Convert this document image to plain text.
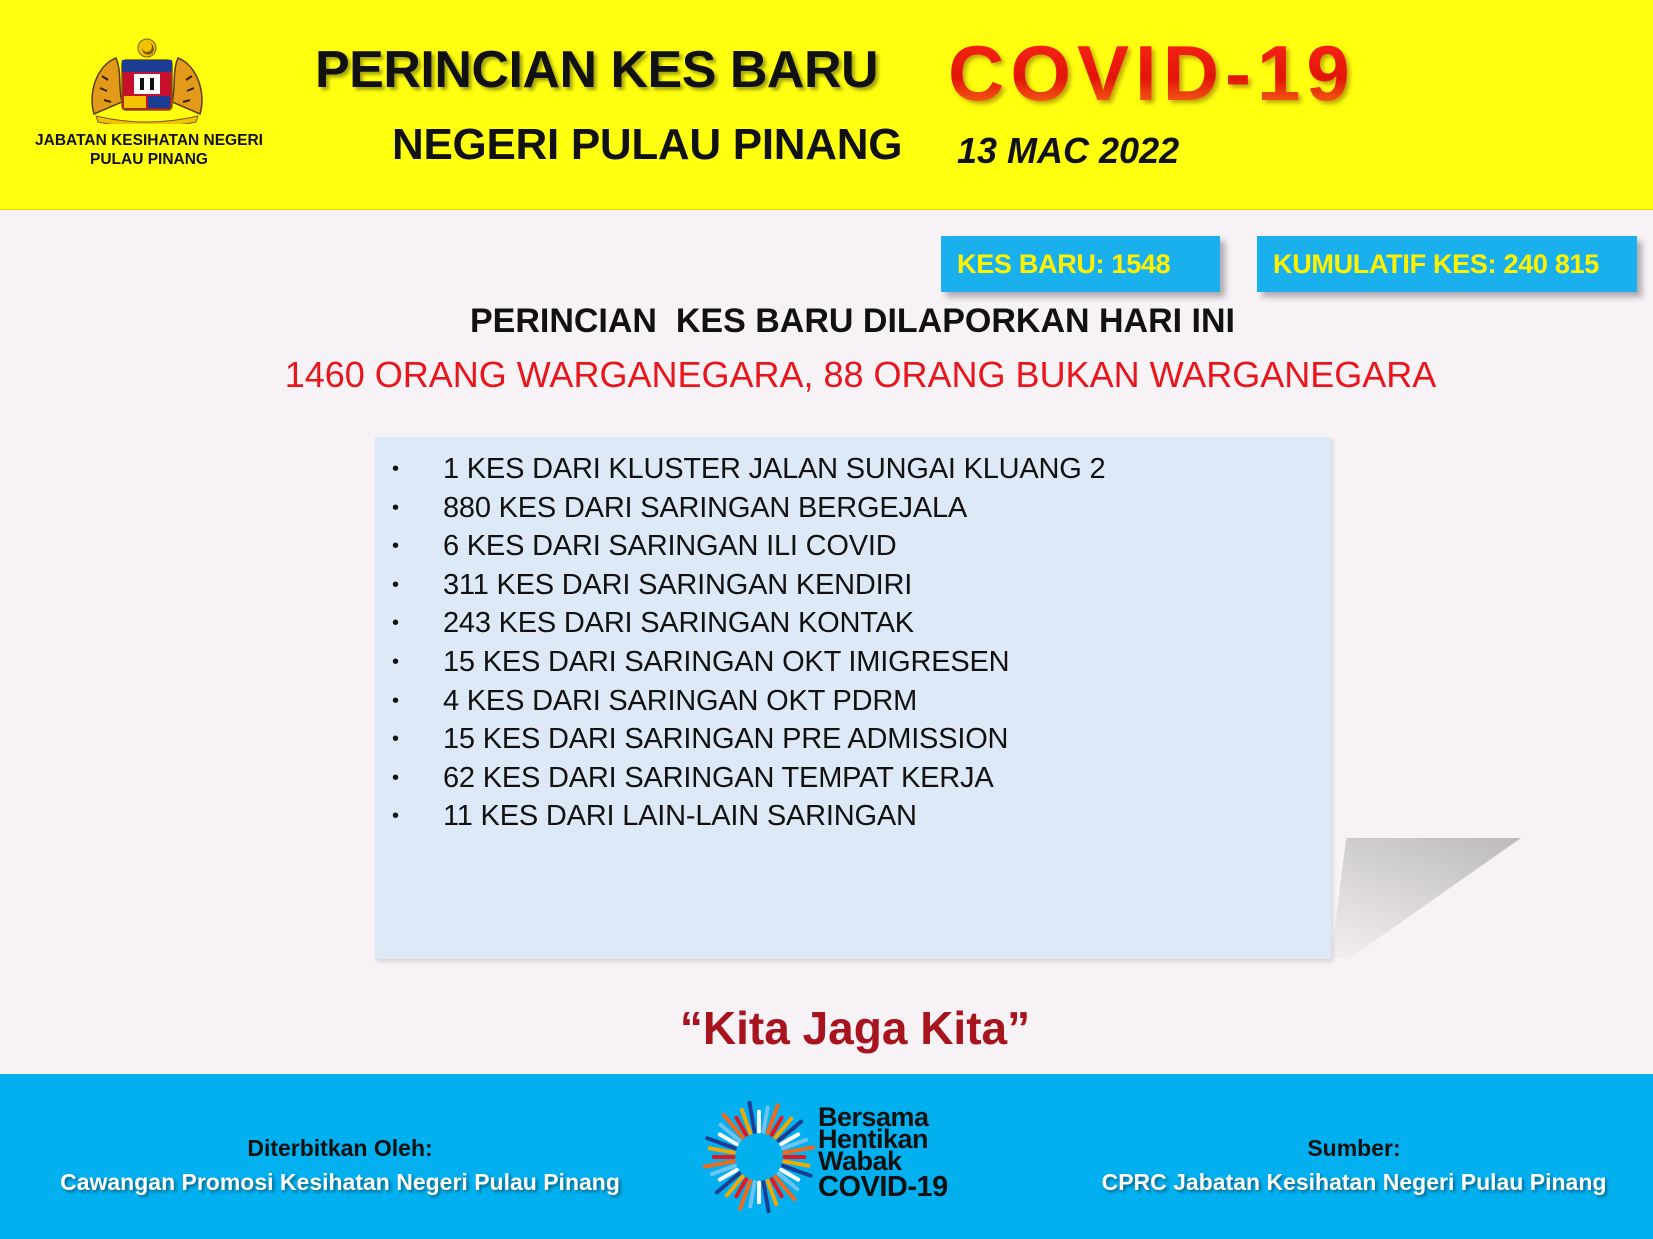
JABATAN KESIHATAN NEGERI
PULAU PINANG
PERINCIAN KES BARU COVID-19
NEGERI PULAU PINANG 13 MAC 2022
KES BARU: 1548	KUMULATIF KES: 240 815
PERINCIAN  KES BARU DILAPORKAN HARI INI
1460 ORANG WARGANEGARA, 88 ORANG BUKAN WARGANEGARA
• 1 KES DARI KLUSTER JALAN SUNGAI KLUANG 2
• 880 KES DARI SARINGAN BERGEJALA
• 6 KES DARI SARINGAN ILI COVID
• 311 KES DARI SARINGAN KENDIRI
• 243 KES DARI SARINGAN KONTAK
• 15 KES DARI SARINGAN OKT IMIGRESEN
• 4 KES DARI SARINGAN OKT PDRM
• 15 KES DARI SARINGAN PRE ADMISSION
• 62 KES DARI SARINGAN TEMPAT KERJA
• 11 KES DARI LAIN-LAIN SARINGAN
“Kita Jaga Kita”
Diterbitkan Oleh:
Cawangan Promosi Kesihatan Negeri Pulau Pinang
Bersama
Hentikan
Wabak
COVID-19
Sumber:
CPRC Jabatan Kesihatan Negeri Pulau Pinang
